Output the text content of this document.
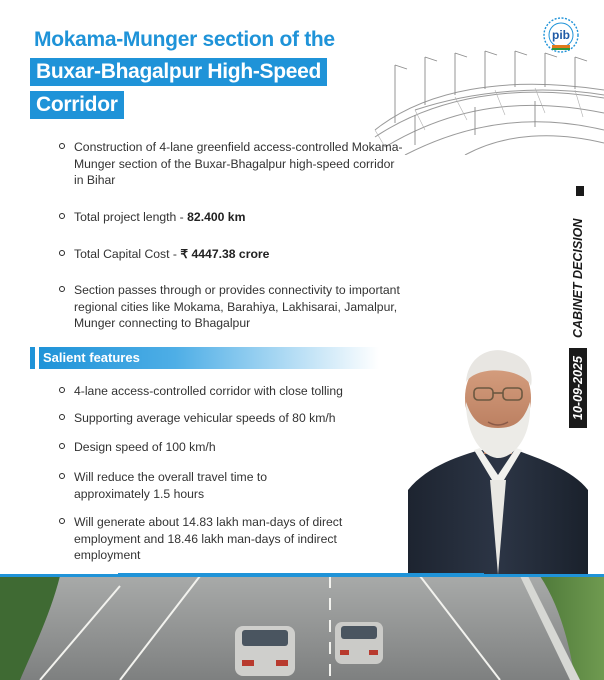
Mokama-Munger section of the
Buxar-Bhagalpur High-Speed
Corridor
pib
Construction of 4-lane greenfield access-controlled Mokama-Munger section of the Buxar-Bhagalpur high-speed corridor in Bihar
Total project length - 82.400 km
Total Capital Cost - ₹ 4447.38 crore
Section passes through or provides connectivity to important regional cities like Mokama, Barahiya, Lakhisarai, Jamalpur, Munger connecting to Bhagalpur
Salient features
4-lane access-controlled corridor with close tolling
Supporting average vehicular speeds of 80 km/h
Design speed of 100 km/h
Will reduce the overall travel time to approximately 1.5 hours
Will generate about 14.83 lakh man-days of direct employment and 18.46 lakh man-days of indirect employment
10-09-2025CABINET DECISION
